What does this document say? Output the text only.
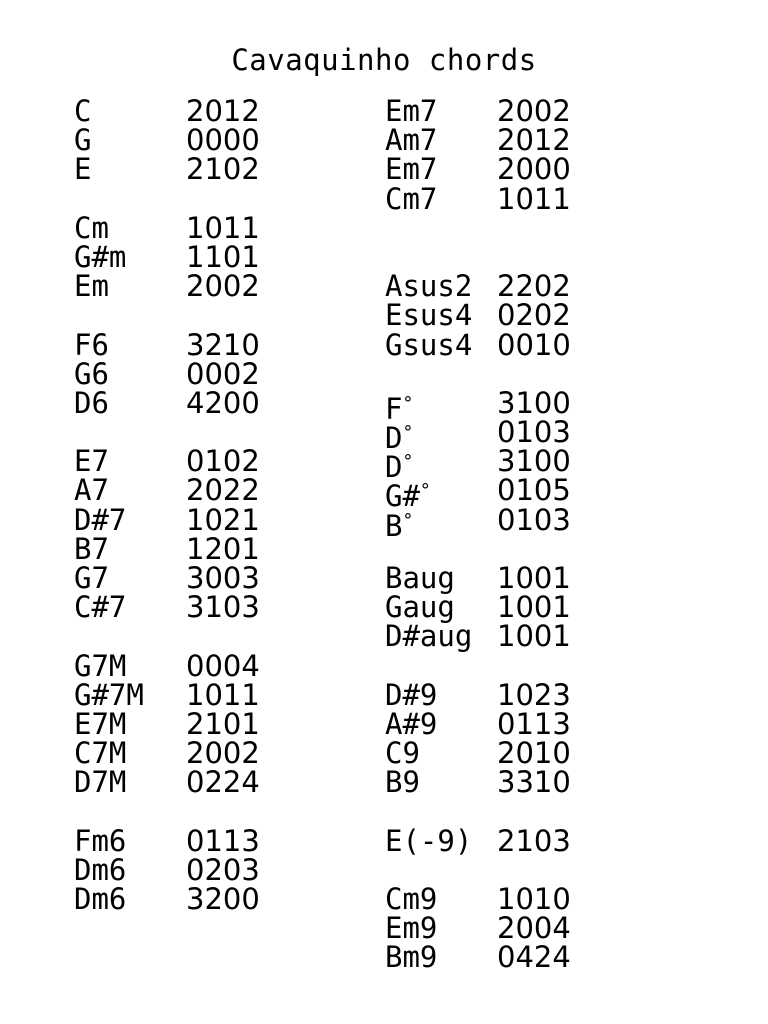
Cavaquinho chords
C	2012
G	0000
E	2102
Cm	1011
G#m 1101
Em	2002
F6	3210
G6	0002
D6	4200
E7	0102
A7	2022
D#7 1021
B7	1201
G7	3003
C#7 3103
G7M 0004
G#7M 1011
E7M 2101
C7M 2002
D7M 0224
Fm6 0113
Dm6 0203
Dm6 3200
Em7 2002
Am7 2012
Em7 2000
Cm7 1011
Asus2 2202
Esus4 0202
Gsus4 0010
F°	3100
D°	0103
D°	3100
G#° 0105
B°	0103
Baug 1001
Gaug 1001
D#aug 1001
D#9 1023
A#9 0113
C9	2010
B9	3310
E(-9) 2103
Cm9 1010
Em9 2004
Bm9 0424
